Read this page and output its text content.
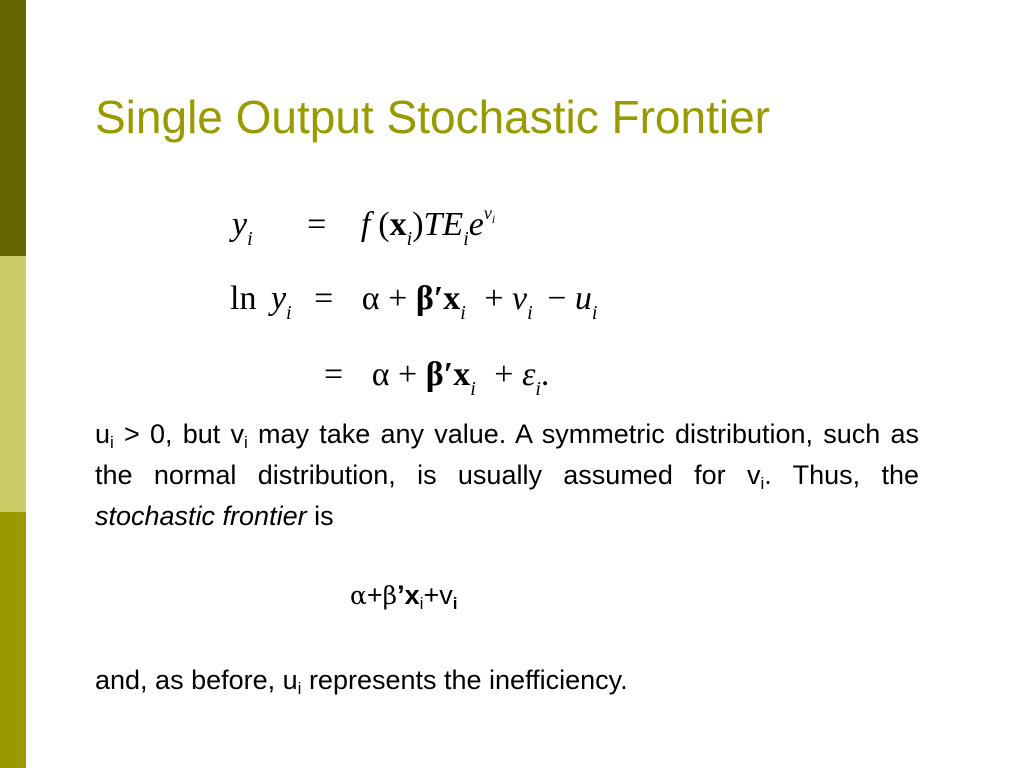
Single Output Stochastic Frontier
yi = f (xi)TEievi
ln yi = α + β′xi + vi − ui
= α + β′xi + εi.
$u_i > 0$, but $v_i$ may take any value. A symmetric distribution, such as the normal distribution, is usually assumed for $v_i$. Thus, the stochastic frontier is
$\alpha+\beta’x_i+v_i$
and, as before, $u_i$ represents the inefficiency.
